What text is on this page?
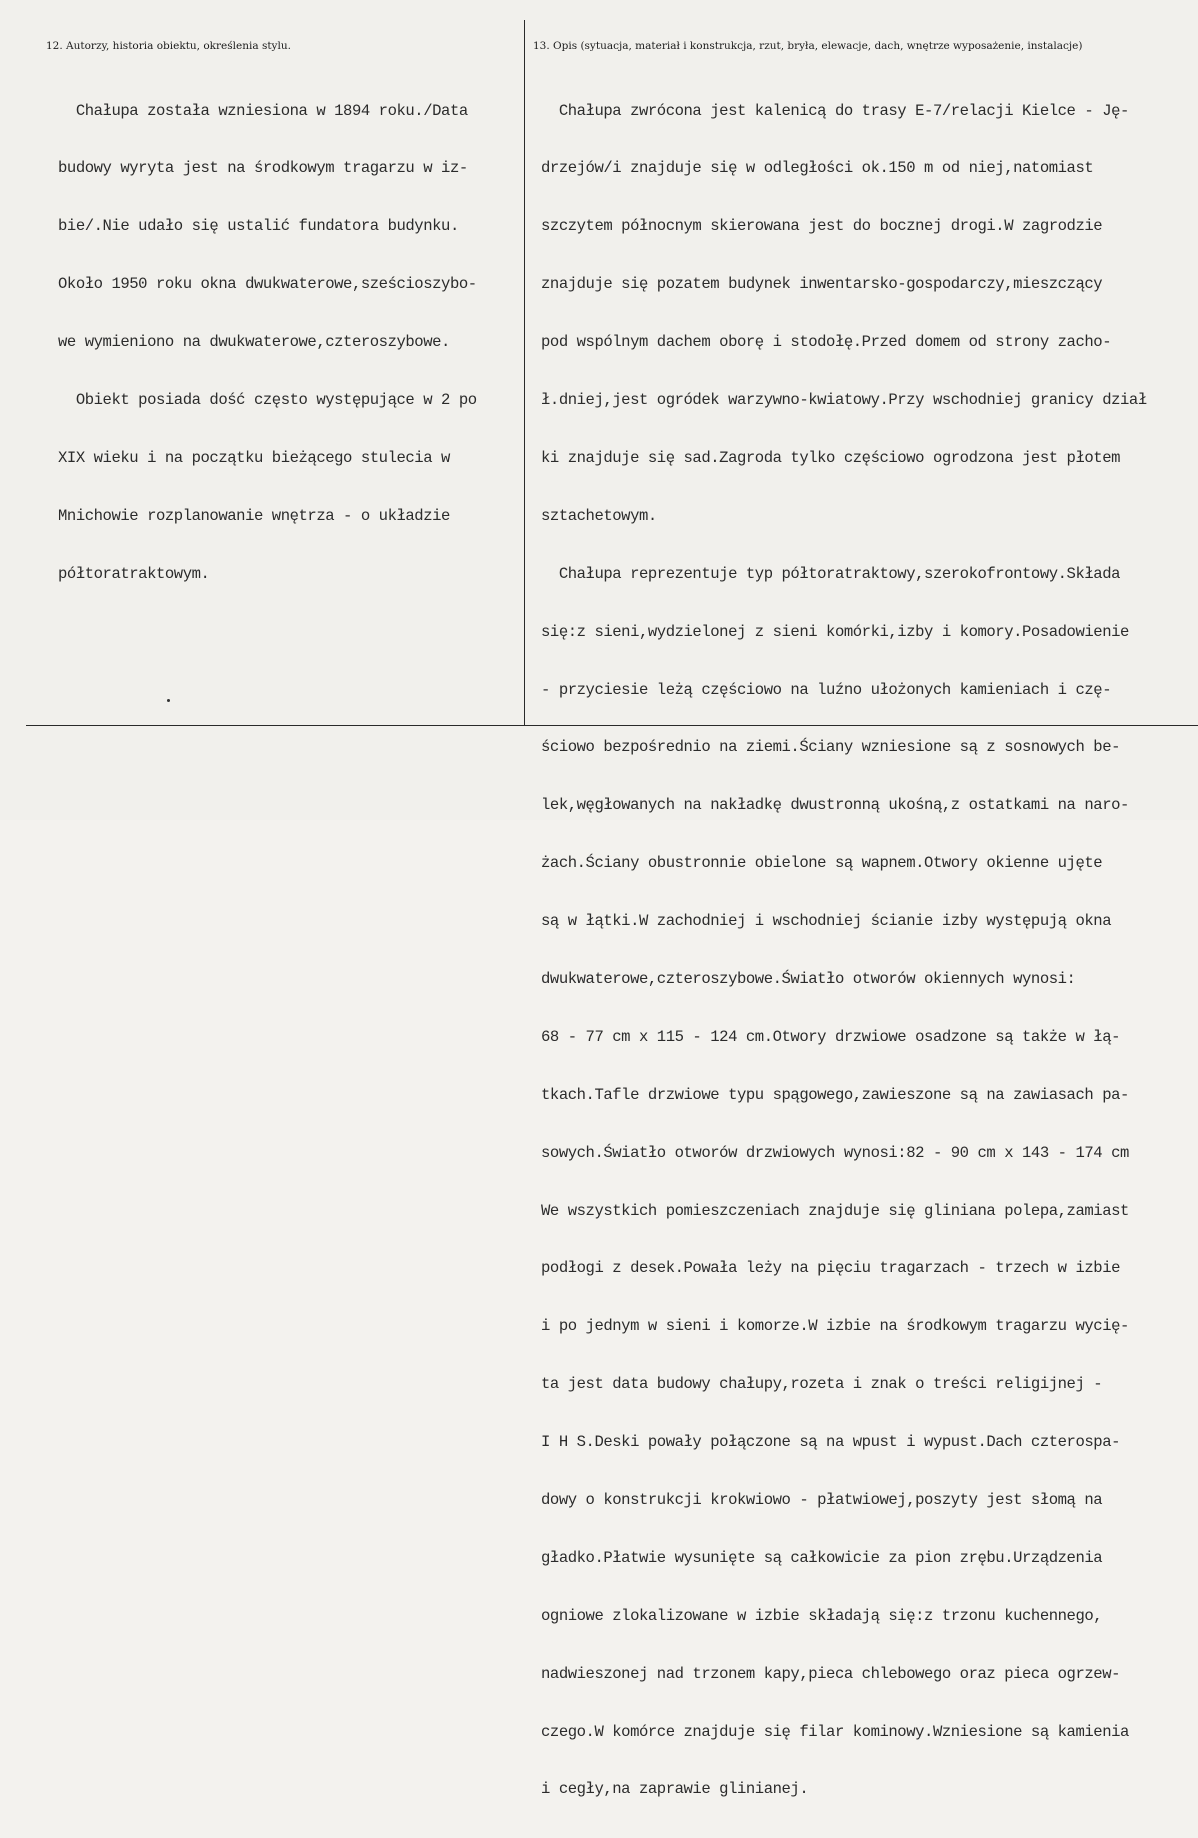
12. Autorzy, historia obiektu, określenia stylu.	13. Opis (sytuacja, materiał i konstrukcja, rzut, bryła, elewacje, dach, wnętrze wyposażenie, instalacje)

Chałupa została wzniesiona w 1894 roku./Data

budowy wyryta jest na środkowym tragarzu w iz-

bie/.Nie udało się ustalić fundatora budynku.

Około 1950 roku okna dwukwaterowe,sześcioszybo-

we wymieniono na dwukwaterowe,czteroszybowe.

Obiekt posiada dość często występujące w 2 po

XIX wieku i na początku bieżącego stulecia w

Mnichowie rozplanowanie wnętrza - o układzie

półtoratraktowym.

Chałupa zwrócona jest kalenicą do trasy E-7/relacji Kielce - Ję-

drzejów/i znajduje się w odległości ok.150 m od niej,natomiast

szczytem północnym skierowana jest do bocznej drogi.W zagrodzie

znajduje się pozatem budynek inwentarsko-gospodarczy,mieszczący

pod wspólnym dachem oborę i stodołę.Przed domem od strony zacho-

ł.dniej,jest ogródek warzywno-kwiatowy.Przy wschodniej granicy dział

ki znajduje się sad.Zagroda tylko częściowo ogrodzona jest płotem

sztachetowym.

Chałupa reprezentuje typ półtoratraktowy,szerokofrontowy.Składa

się:z sieni,wydzielonej z sieni komórki,izby i komory.Posadowienie

- przyciesie leżą częściowo na luźno ułożonych kamieniach i czę-

ściowo bezpośrednio na ziemi.Ściany wzniesione są z sosnowych be-

lek,węgłowanych na nakładkę dwustronną ukośną,z ostatkami na naro-

żach.Ściany obustronnie obielone są wapnem.Otwory okienne ujęte

są w łątki.W zachodniej i wschodniej ścianie izby występują okna

dwukwaterowe,czteroszybowe.Światło otworów okiennych wynosi:

68 - 77 cm x 115 - 124 cm.Otwory drzwiowe osadzone są także w łą-

tkach.Tafle drzwiowe typu spągowego,zawieszone są na zawiasach pa-

sowych.Światło otworów drzwiowych wynosi:82 - 90 cm x 143 - 174 cm

We wszystkich pomieszczeniach znajduje się gliniana polepa,zamiast

podłogi z desek.Powała leży na pięciu tragarzach - trzech w izbie

i po jednym w sieni i komorze.W izbie na środkowym tragarzu wycię-

ta jest data budowy chałupy,rozeta i znak o treści religijnej -

I H S.Deski powały połączone są na wpust i wypust.Dach czterospa-

dowy o konstrukcji krokwiowo - płatwiowej,poszyty jest słomą na

gładko.Płatwie wysunięte są całkowicie za pion zrębu.Urządzenia

ogniowe zlokalizowane w izbie składają się:z trzonu kuchennego,

nadwieszonej nad trzonem kapy,pieca chlebowego oraz pieca ogrzew-

czego.W komórce znajduje się filar kominowy.Wzniesione są kamienia

i cegły,na zaprawie glinianej.
